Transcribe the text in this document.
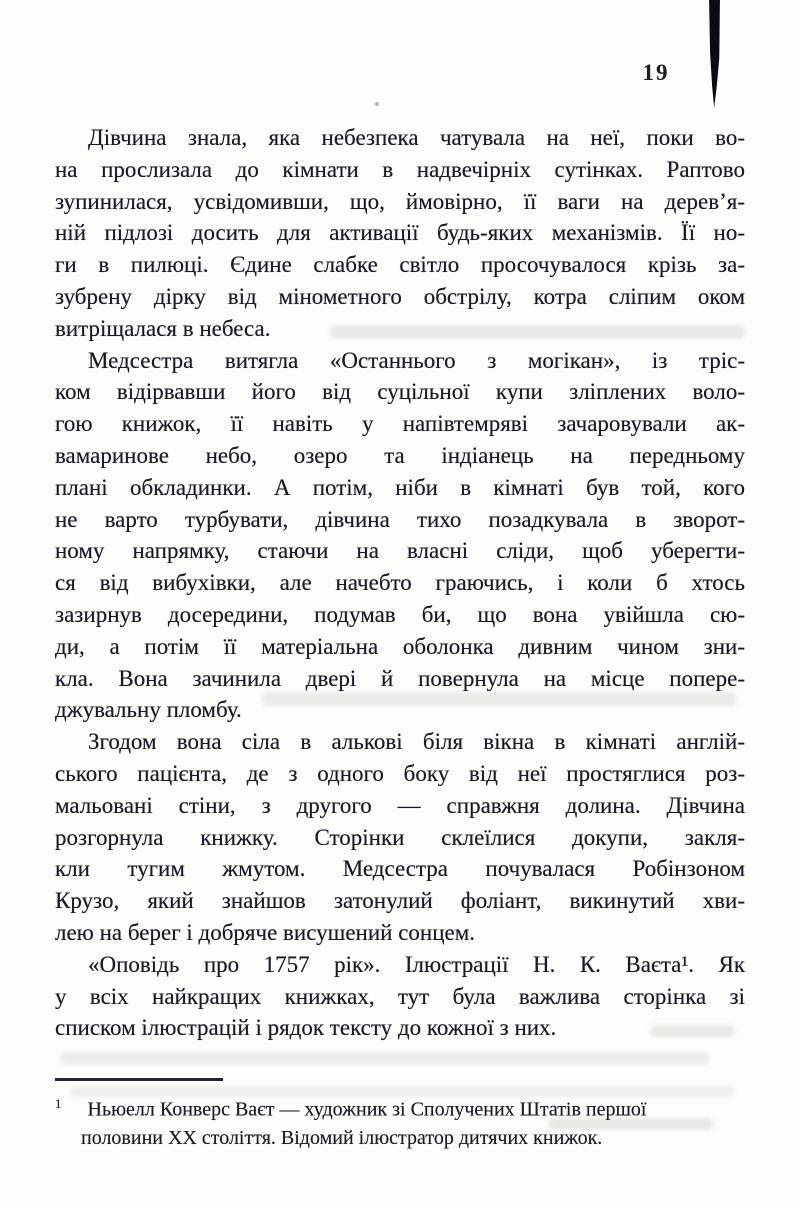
19
Дівчина знала, яка небезпека чатувала на неї, поки во-
на прослизала до кімнати в надвечірніх сутінках. Раптово
зупинилася, усвідомивши, що, ймовірно, її ваги на дерев’я-
ній підлозі досить для активації будь-яких механізмів. Її но-
ги в пилюці. Єдине слабке світло просочувалося крізь за-
зубрену дірку від мінометного обстрілу, котра сліпим оком
витріщалася в небеса.
Медсестра витягла «Останнього з могікан», із тріс-
ком відірвавши його від суцільної купи зліплених воло-
гою книжок, її навіть у напівтемряві зачаровували ак-
вамаринове небо, озеро та індіанець на передньому
плані обкладинки. А потім, ніби в кімнаті був той, кого
не варто турбувати, дівчина тихо позадкувала в зворот-
ному напрямку, стаючи на власні сліди, щоб уберегти-
ся від вибухівки, але начебто граючись, і коли б хтось
зазирнув досередини, подумав би, що вона увійшла сю-
ди, а потім її матеріальна оболонка дивним чином зни-
кла. Вона зачинила двері й повернула на місце попере-
джувальну пломбу.
Згодом вона сіла в алькові біля вікна в кімнаті англій-
ського пацієнта, де з одного боку від неї простяглися роз-
мальовані стіни, з другого — справжня долина. Дівчина
розгорнула книжку. Сторінки склеїлися докупи, закля-
кли тугим жмутом. Медсестра почувалася Робінзоном
Крузо, який знайшов затонулий фоліант, викинутий хви-
лею на берег і добряче висушений сонцем.
«Оповідь про 1757 рік». Ілюстрації Н. К. Ваєта¹. Як
у всіх найкращих книжках, тут була важлива сторінка зі
списком ілюстрацій і рядок тексту до кожної з них.
1 Ньюелл Конверс Ваєт — художник зі Сполучених Штатів першої
половини ХХ століття. Відомий ілюстратор дитячих книжок.
